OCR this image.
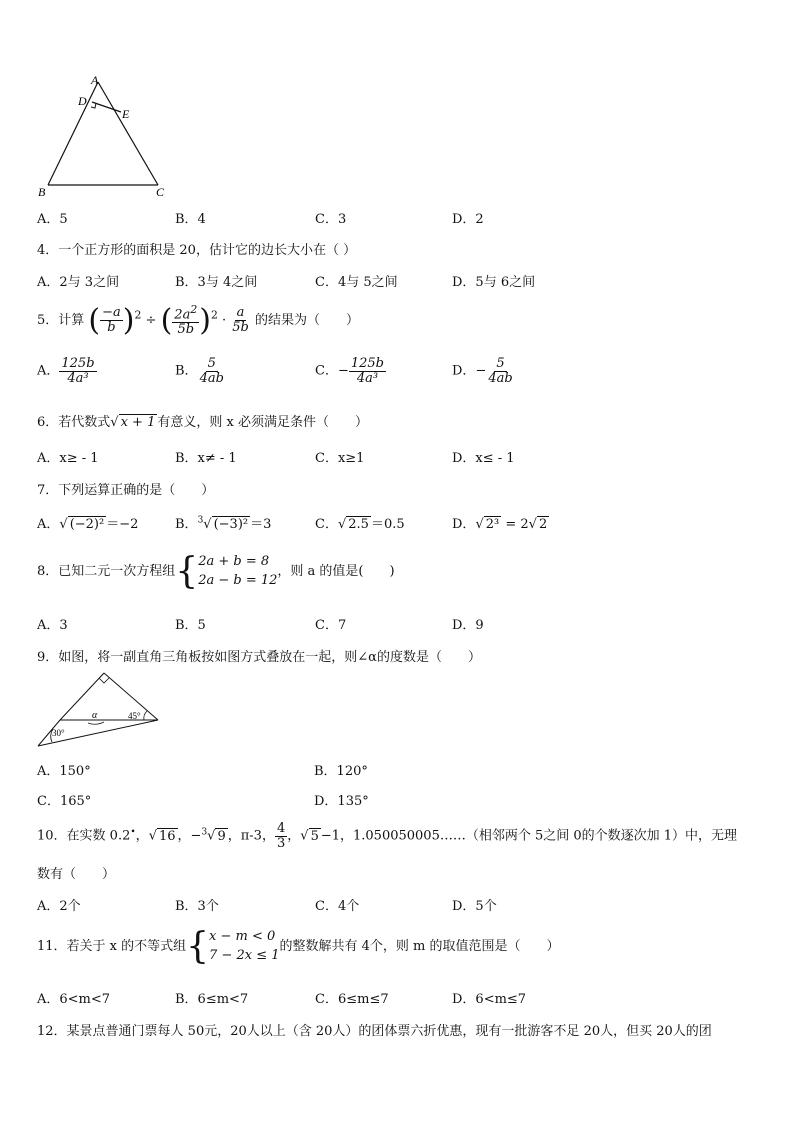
A
D
E
B	C
A．5	B．4	C．3	D．2
4．一个正方形的面积是 20，估计它的边长大小在（ ）
A．2与 3之间	B．3与 4之间	C．4与 5之间	D．5与 6之间
5．计算 ( $\frac{-a}{b} )^2$ ÷ ( $\frac{2a^2}{5b} )^2 \cdot \frac{a}{5b}$ 的结果为（　　）
A． $\frac{125b}{\text{4a³}}$	B． $\frac{5}{4ab}$	C．− $\frac{125b}{\text{4a³}}$	D．− $\frac{5}{4ab}$
6．若代数式√ x + 1 有意义，则 x 必须满足条件（　　）
A．x≥ - 1	B．x≠ - 1	C．x≥1	D．x≤ - 1
7．下列运算正确的是（　　）
A．√ (−2)² ＝−2	B．$^3$√ (−3)² ＝3	C．√ 2.5 ＝0.5	D．√ 2³ = 2√ 2
8．已知二元一次方程组{ 2a + b = 8
2a − b = 12
，则 a 的值是(　　)
A．3	B．5	C．7	D．9
9．如图，将一副直角三角板按如图方式叠放在一起，则∠α的度数是（　　）
α	45°
30°
A．150°	B．120°
C．165°	D．135°
10．在实数 0.2•，√ 16 ，−$^3$√ 9 ，π-3， $\frac{4}{3}$ ，√ 5 −1，1.050050005……（相邻两个 5之间 0的个数逐次加 1）中，无理
数有（　　）
A．2个	B．3个	C．4个	D．5个
11．若关于 x 的不等式组{ x − m < 0
7 − 2x ≤ 1
的整数解共有 4个，则 m 的取值范围是（　　）
A．6<m<7	B．6≤m<7	C．6≤m≤7	D．6<m≤7
12．某景点普通门票每人 50元，20人以上（含 20人）的团体票六折优惠，现有一批游客不足 20人，但买 20人的团
